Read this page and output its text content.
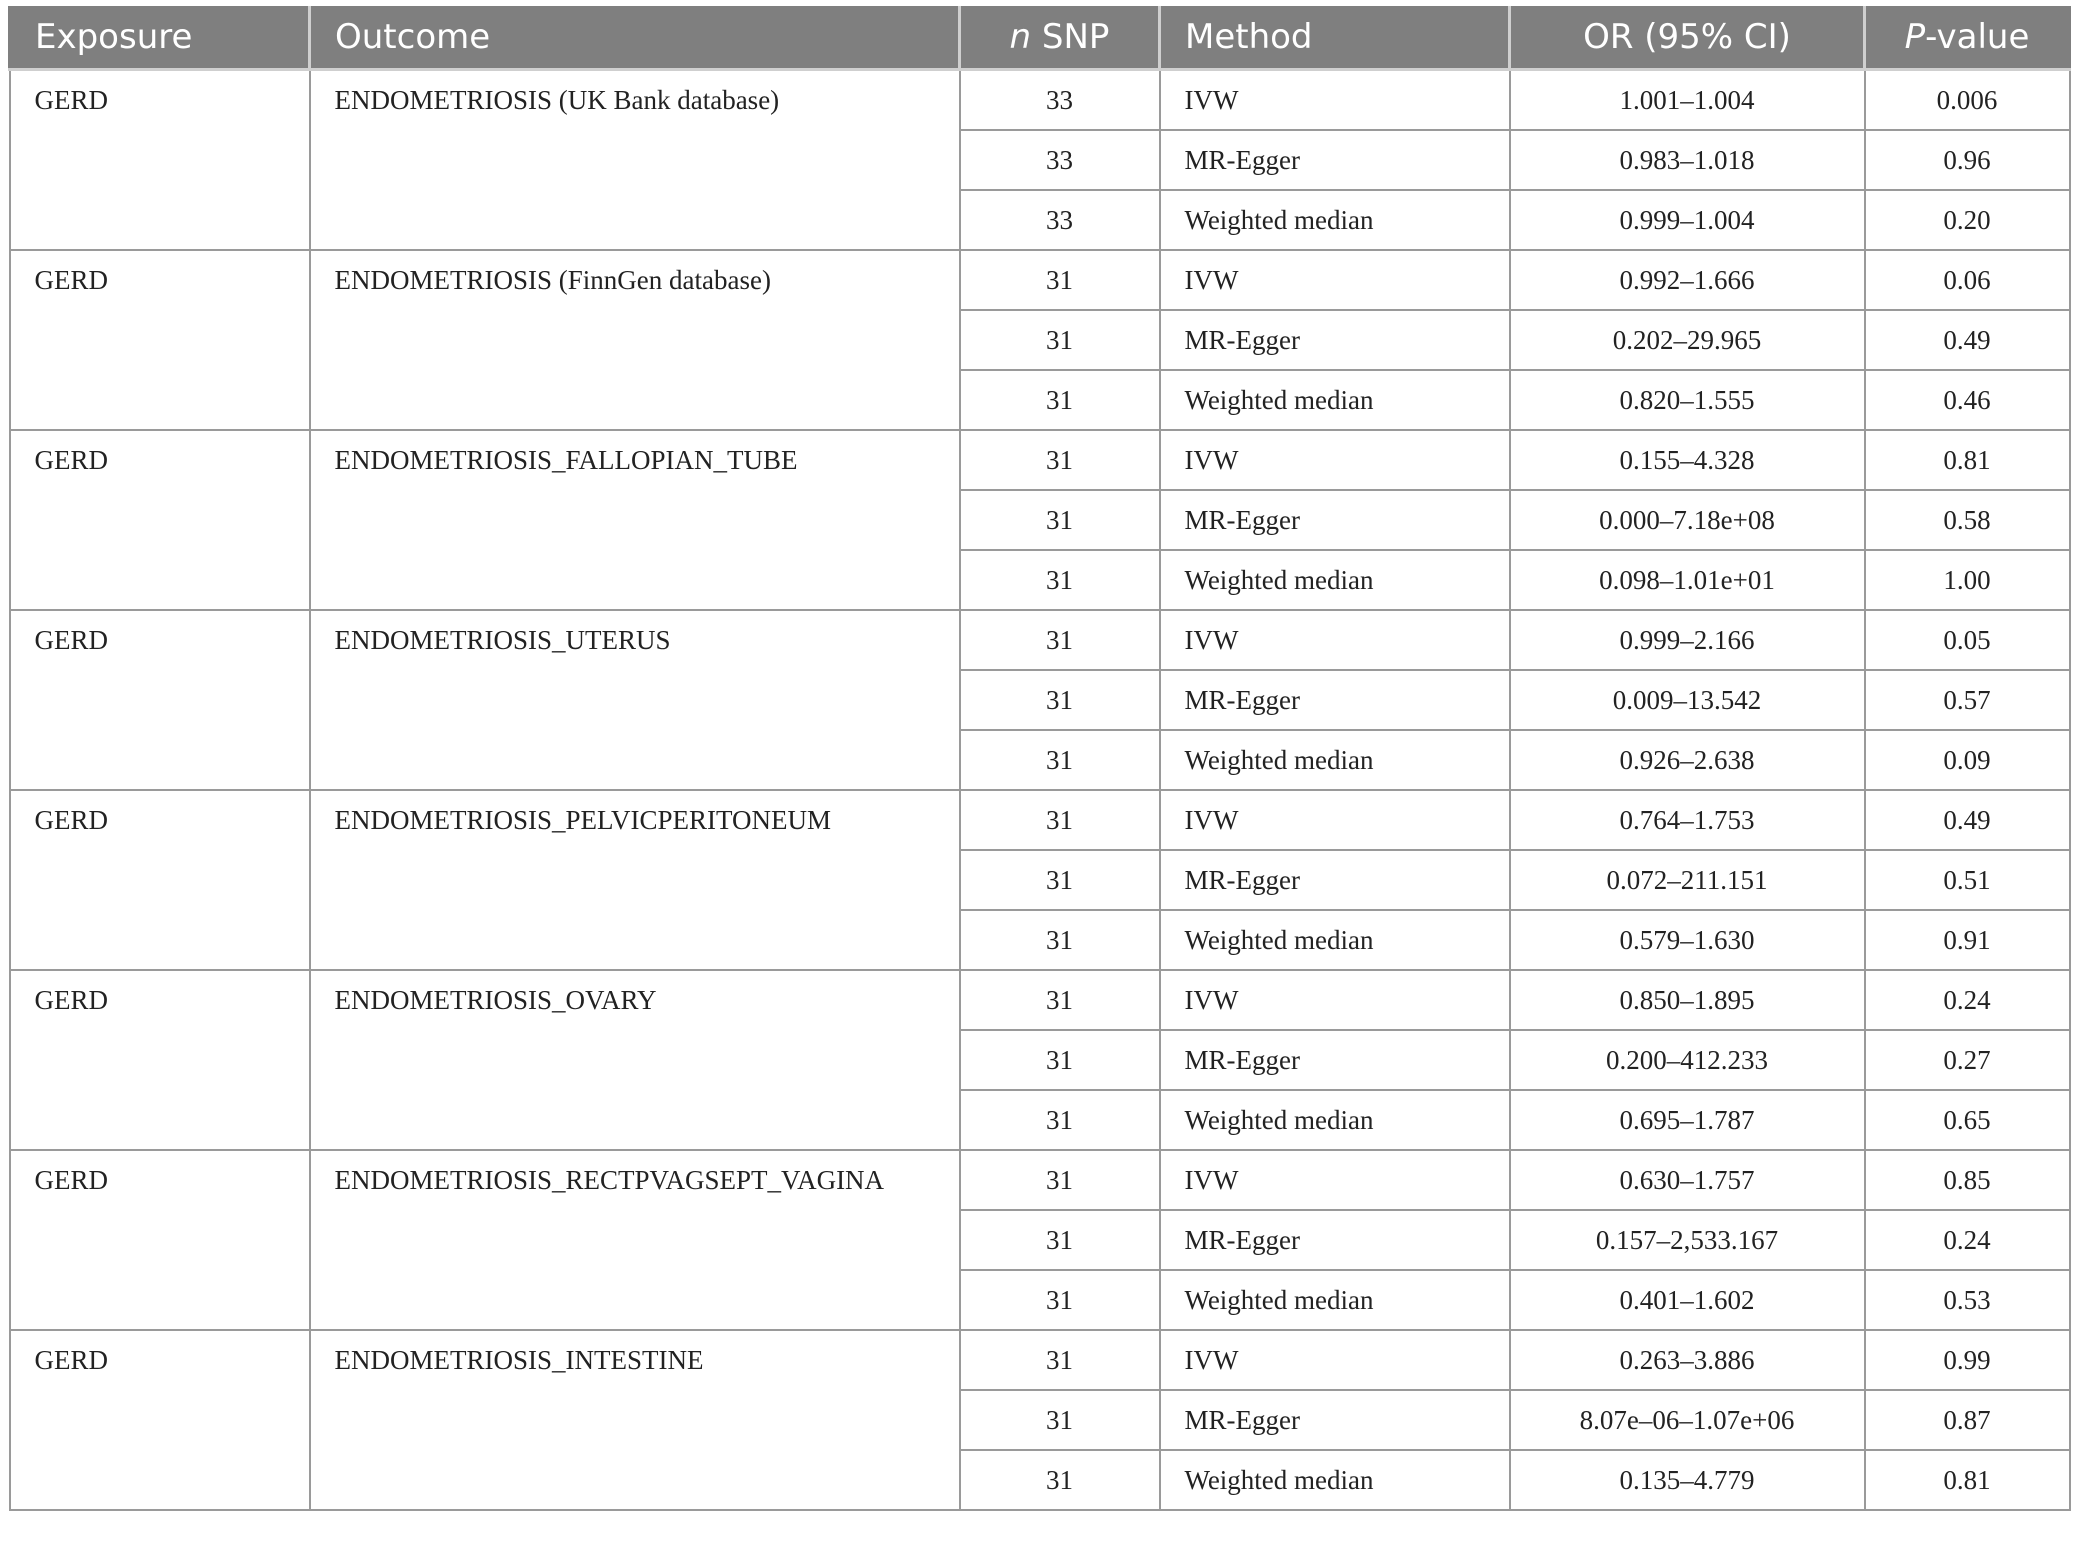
Exposure	Outcome	n SNP	Method	OR (95% CI)	P-value
GERD	ENDOMETRIOSIS (UK Bank database)	33	IVW	1.001–1.004	0.006
		33	MR-Egger	0.983–1.018	0.96
		33	Weighted median	0.999–1.004	0.20
GERD	ENDOMETRIOSIS (FinnGen database)	31	IVW	0.992–1.666	0.06
		31	MR-Egger	0.202–29.965	0.49
		31	Weighted median	0.820–1.555	0.46
GERD	ENDOMETRIOSIS_FALLOPIAN_TUBE	31	IVW	0.155–4.328	0.81
		31	MR-Egger	0.000–7.18e+08	0.58
		31	Weighted median	0.098–1.01e+01	1.00
GERD	ENDOMETRIOSIS_UTERUS	31	IVW	0.999–2.166	0.05
		31	MR-Egger	0.009–13.542	0.57
		31	Weighted median	0.926–2.638	0.09
GERD	ENDOMETRIOSIS_PELVICPERITONEUM	31	IVW	0.764–1.753	0.49
		31	MR-Egger	0.072–211.151	0.51
		31	Weighted median	0.579–1.630	0.91
GERD	ENDOMETRIOSIS_OVARY	31	IVW	0.850–1.895	0.24
		31	MR-Egger	0.200–412.233	0.27
		31	Weighted median	0.695–1.787	0.65
GERD	ENDOMETRIOSIS_RECTPVAGSEPT_VAGINA	31	IVW	0.630–1.757	0.85
		31	MR-Egger	0.157–2,533.167	0.24
		31	Weighted median	0.401–1.602	0.53
GERD	ENDOMETRIOSIS_INTESTINE	31	IVW	0.263–3.886	0.99
		31	MR-Egger	8.07e–06–1.07e+06	0.87
		31	Weighted median	0.135–4.779	0.81
